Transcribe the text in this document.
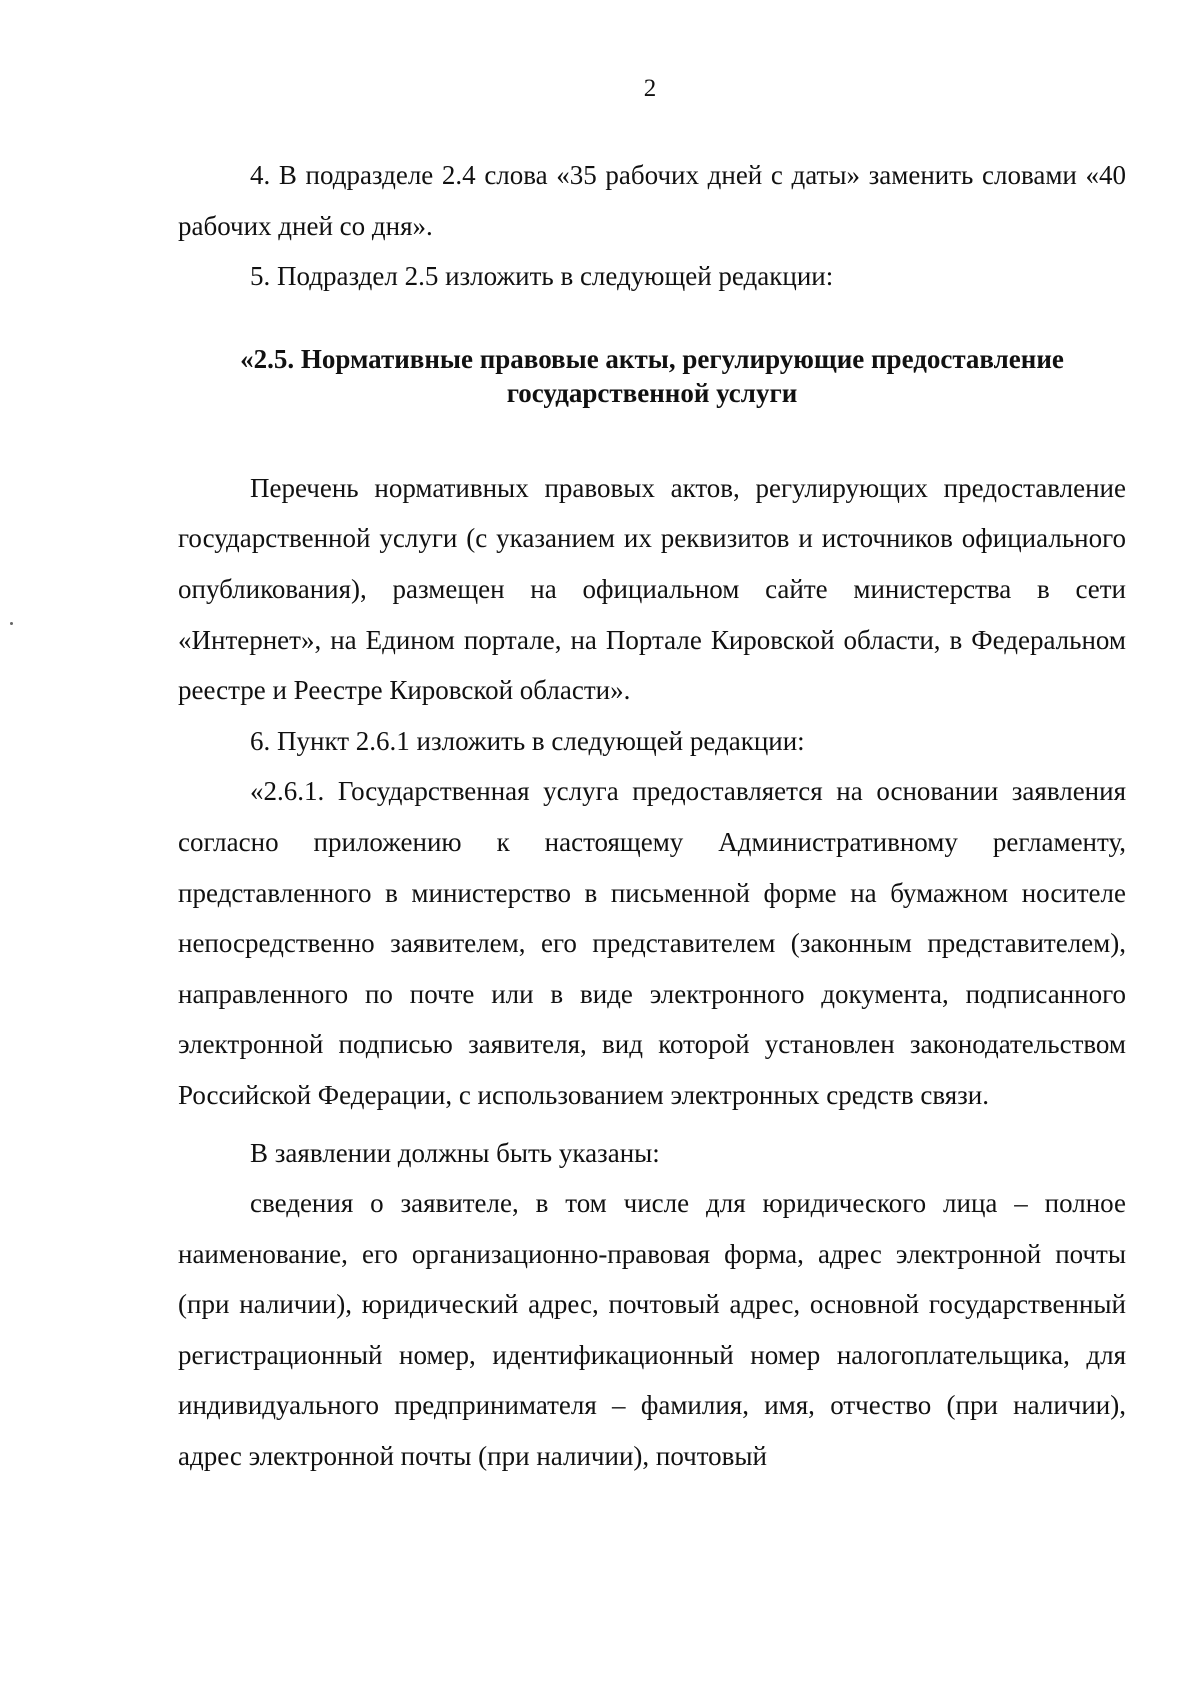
2

4. В подразделе 2.4 слова «35 рабочих дней с даты» заменить словами «40 рабочих дней со дня».

5. Подраздел 2.5 изложить в следующей редакции:

«2.5. Нормативные правовые акты, регулирующие предоставление
государственной услуги

Перечень нормативных правовых актов, регулирующих предоставление государственной услуги (с указанием их реквизитов и источников официального опубликования), размещен на официальном сайте министерства в сети «Интернет», на Едином портале, на Портале Кировской области, в Федеральном реестре и Реестре Кировской области».

6. Пункт 2.6.1 изложить в следующей редакции:

«2.6.1. Государственная услуга предоставляется на основании заявления согласно приложению к настоящему Административному регламенту, представленного в министерство в письменной форме на бумажном носителе непосредственно заявителем, его представителем (законным представителем), направленного по почте или в виде электронного документа, подписанного электронной подписью заявителя, вид которой установлен законодательством Российской Федерации, с использованием электронных средств связи.

В заявлении должны быть указаны:

сведения о заявителе, в том числе для юридического лица – полное наименование, его организационно-правовая форма, адрес электронной почты (при наличии), юридический адрес, почтовый адрес, основной государственный регистрационный номер, идентификационный номер налогоплательщика, для индивидуального предпринимателя – фамилия, имя, отчество (при наличии), адрес электронной почты (при наличии), почтовый
